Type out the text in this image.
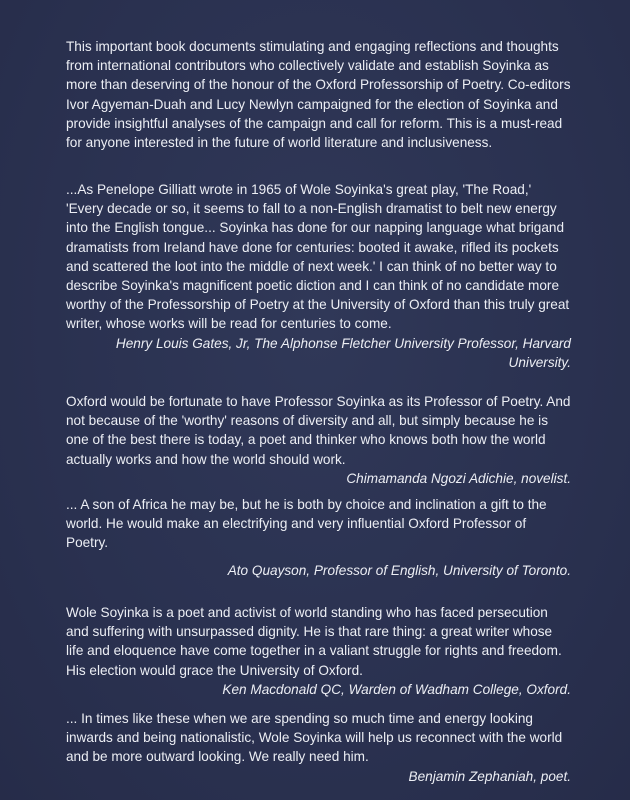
This important book documents stimulating and engaging reflections and thoughts from international contributors who collectively validate and establish Soyinka as more than deserving of the honour of the Oxford Professorship of Poetry. Co-editors Ivor Agyeman-Duah and Lucy Newlyn campaigned for the election of Soyinka and provide insightful analyses of the campaign and call for reform. This is a must-read for anyone interested in the future of world literature and inclusiveness.

...As Penelope Gilliatt wrote in 1965 of Wole Soyinka's great play, 'The Road,' 'Every decade or so, it seems to fall to a non-English dramatist to belt new energy into the English tongue... Soyinka has done for our napping language what brigand dramatists from Ireland have done for centuries: booted it awake, rifled its pockets and scattered the loot into the middle of next week.' I can think of no better way to describe Soyinka's magnificent poetic diction and I can think of no candidate more worthy of the Professorship of Poetry at the University of Oxford than this truly great writer, whose works will be read for centuries to come.

Henry Louis Gates, Jr, The Alphonse Fletcher University Professor, Harvard University.

Oxford would be fortunate to have Professor Soyinka as its Professor of Poetry. And not because of the 'worthy' reasons of diversity and all, but simply because he is one of the best there is today, a poet and thinker who knows both how the world actually works and how the world should work.

Chimamanda Ngozi Adichie, novelist.

... A son of Africa he may be, but he is both by choice and inclination a gift to the world. He would make an electrifying and very influential Oxford Professor of Poetry.

Ato Quayson, Professor of English, University of Toronto.

Wole Soyinka is a poet and activist of world standing who has faced persecution and suffering with unsurpassed dignity. He is that rare thing: a great writer whose life and eloquence have come together in a valiant struggle for rights and freedom. His election would grace the University of Oxford.

Ken Macdonald QC, Warden of Wadham College, Oxford.

... In times like these when we are spending so much time and energy looking inwards and being nationalistic, Wole Soyinka will help us reconnect with the world and be more outward looking. We really need him.

Benjamin Zephaniah, poet.
